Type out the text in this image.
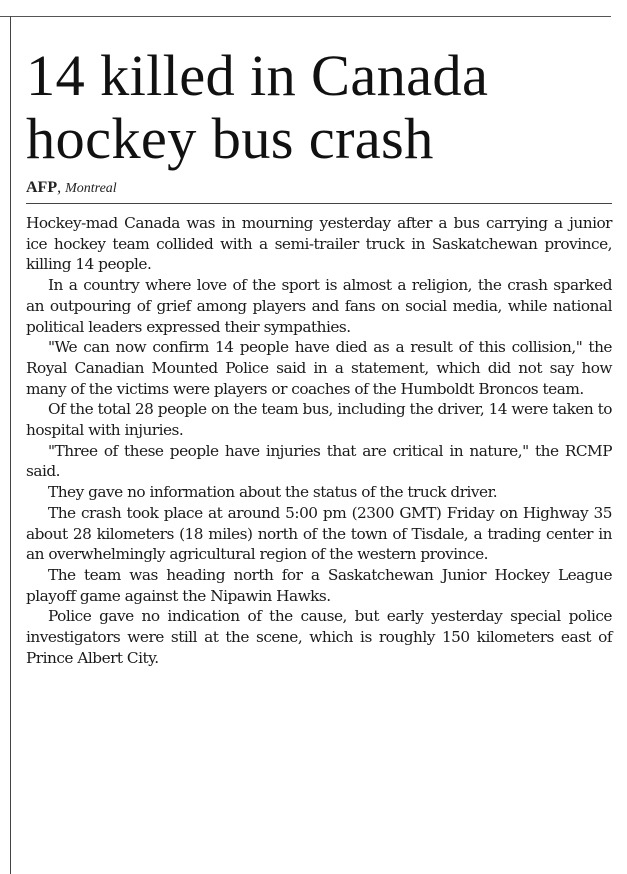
14 killed in Canada hockey bus crash
AFP, Montreal

Hockey-mad Canada was in mourning yesterday after a bus carrying a junior ice hockey team collided with a semi-trailer truck in Saskatchewan province, killing 14 people.

In a country where love of the sport is almost a religion, the crash sparked an outpouring of grief among players and fans on social media, while national political leaders expressed their sympathies.

"We can now confirm 14 people have died as a result of this collision," the Royal Canadian Mounted Police said in a statement, which did not say how many of the victims were players or coaches of the Humboldt Broncos team.

Of the total 28 people on the team bus, including the driver, 14 were taken to hospital with injuries.

"Three of these people have injuries that are critical in nature," the RCMP said.

They gave no information about the status of the truck driver.

The crash took place at around 5:00 pm (2300 GMT) Friday on Highway 35 about 28 kilometers (18 miles) north of the town of Tisdale, a trading center in an overwhelmingly agricultural region of the western province.

The team was heading north for a Saskatchewan Junior Hockey League playoff game against the Nipawin Hawks.

Police gave no indication of the cause, but early yesterday special police investigators were still at the scene, which is roughly 150 kilometers east of Prince Albert City.
